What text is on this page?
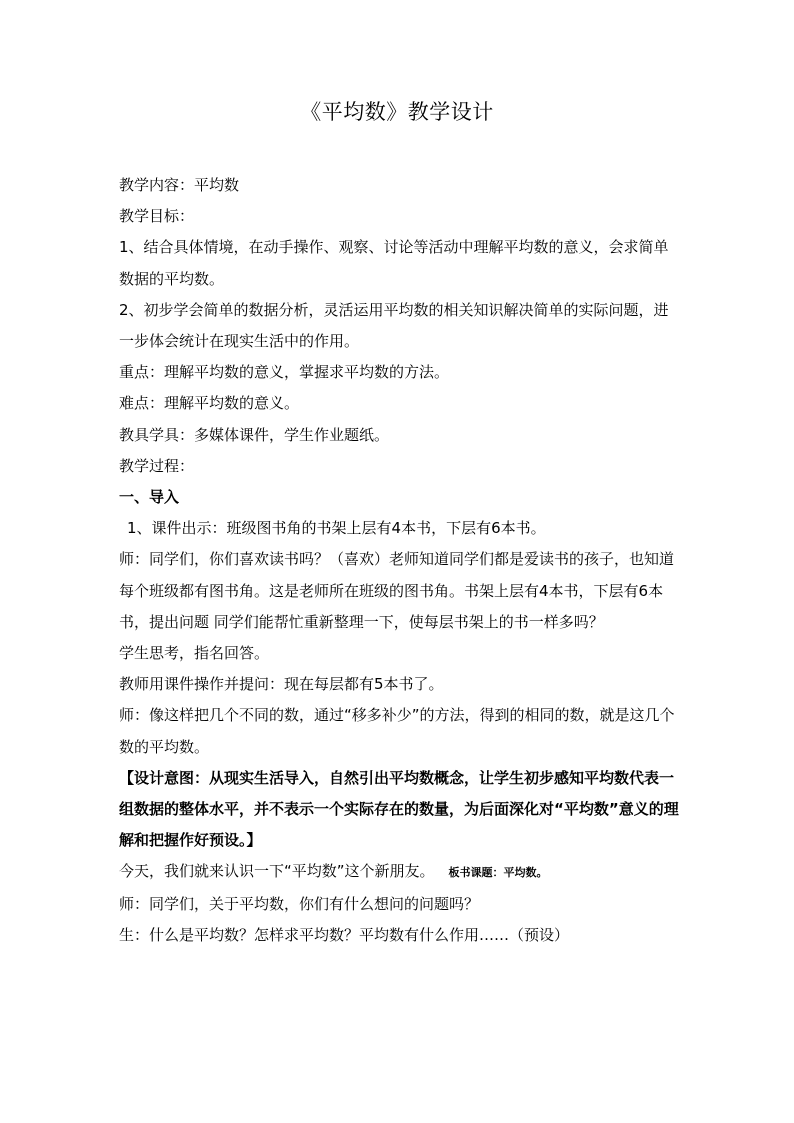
《平均数》教学设计

教学内容：平均数

教学目标：

1、结合具体情境，在动手操作、观察、讨论等活动中理解平均数的意义，会求简单数据的平均数。

2、初步学会简单的数据分析，灵活运用平均数的相关知识解决简单的实际问题，进一步体会统计在现实生活中的作用。

重点：理解平均数的意义，掌握求平均数的方法。

难点：理解平均数的意义。

教具学具：多媒体课件，学生作业题纸。

教学过程：

一、导入

1、课件出示：班级图书角的书架上层有4本书，下层有6本书。

师：同学们，你们喜欢读书吗？（喜欢）老师知道同学们都是爱读书的孩子，也知道每个班级都有图书角。这是老师所在班级的图书角。书架上层有4本书，下层有6本书，提出问题 同学们能帮忙重新整理一下，使每层书架上的书一样多吗？

学生思考，指名回答。

教师用课件操作并提问：现在每层都有5本书了。

师：像这样把几个不同的数，通过“移多补少”的方法，得到的相同的数，就是这几个数的平均数。

【设计意图：从现实生活导入，自然引出平均数概念，让学生初步感知平均数代表一组数据的整体水平，并不表示一个实际存在的数量，为后面深化对“平均数”意义的理解和把握作好预设。】

今天，我们就来认识一下“平均数”这个新朋友。 板书课题：平均数。

师：同学们，关于平均数，你们有什么想问的问题吗？

生：什么是平均数？怎样求平均数？平均数有什么作用……（预设）
